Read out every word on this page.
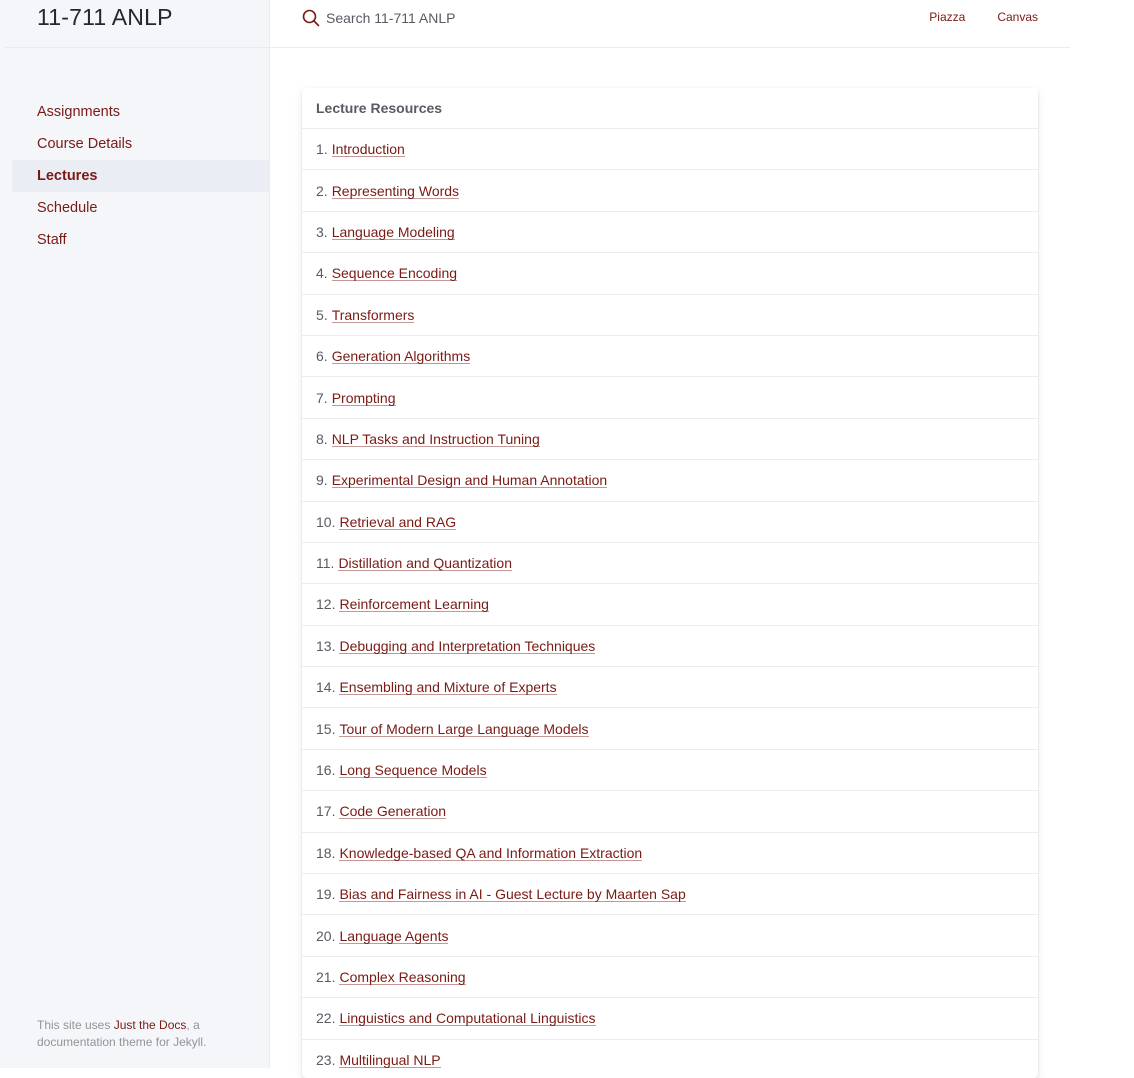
11-711 ANLP
Assignments
Course Details
Lectures
Schedule
Staff
This site uses Just the Docs, a documentation theme for Jekyll.
Search 11-711 ANLP
Piazza	Canvas
Lecture Resources
1. Introduction
2. Representing Words
3. Language Modeling
4. Sequence Encoding
5. Transformers
6. Generation Algorithms
7. Prompting
8. NLP Tasks and Instruction Tuning
9. Experimental Design and Human Annotation
10. Retrieval and RAG
11. Distillation and Quantization
12. Reinforcement Learning
13. Debugging and Interpretation Techniques
14. Ensembling and Mixture of Experts
15. Tour of Modern Large Language Models
16. Long Sequence Models
17. Code Generation
18. Knowledge-based QA and Information Extraction
19. Bias and Fairness in AI - Guest Lecture by Maarten Sap
20. Language Agents
21. Complex Reasoning
22. Linguistics and Computational Linguistics
23. Multilingual NLP
